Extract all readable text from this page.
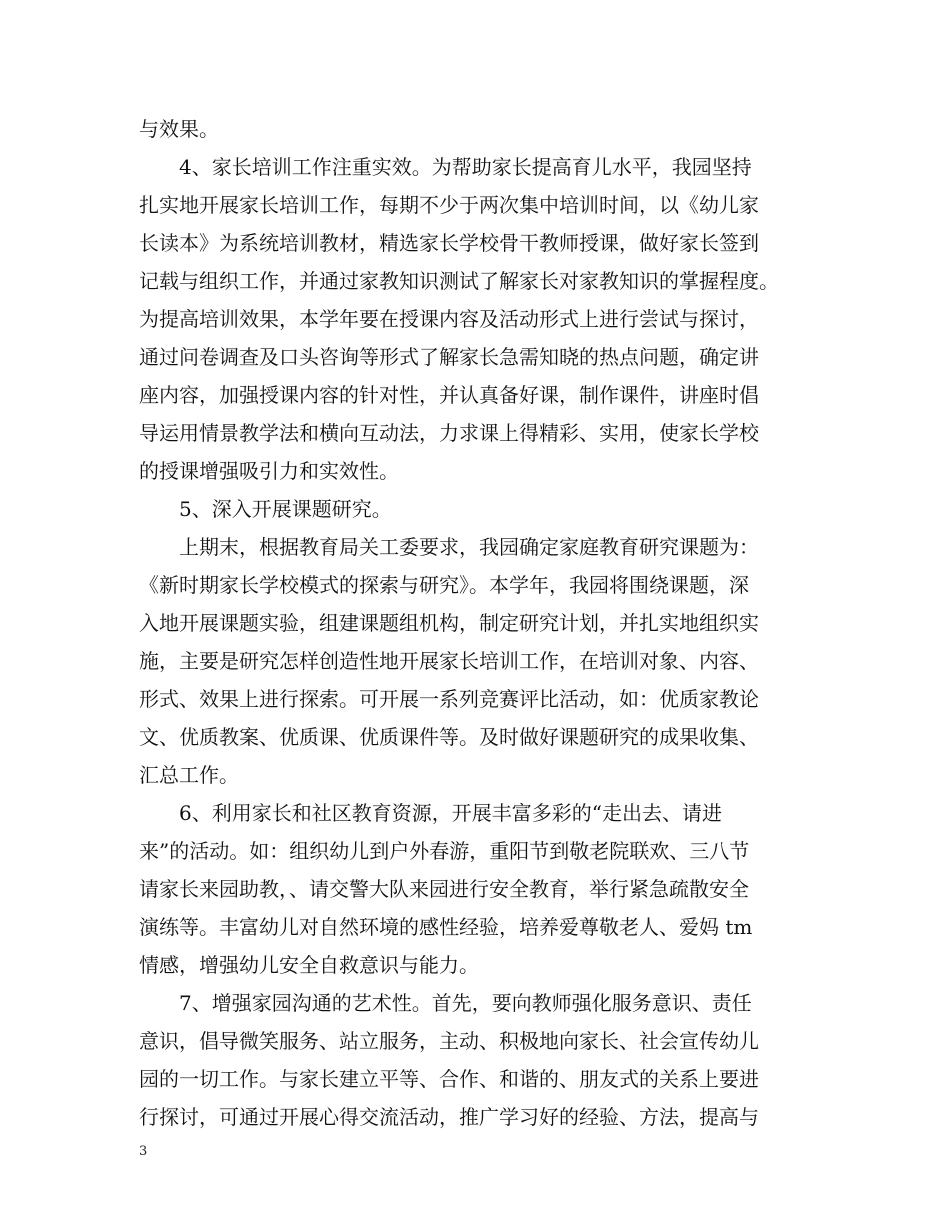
与效果。
4、家长培训工作注重实效。为帮助家长提高育儿水平，我园坚持
扎实地开展家长培训工作，每期不少于两次集中培训时间，以《幼儿家
长读本》为系统培训教材，精选家长学校骨干教师授课，做好家长签到
记载与组织工作，并通过家教知识测试了解家长对家教知识的掌握程度。
为提高培训效果，本学年要在授课内容及活动形式上进行尝试与探讨，
通过问卷调查及口头咨询等形式了解家长急需知晓的热点问题，确定讲
座内容，加强授课内容的针对性，并认真备好课，制作课件，讲座时倡
导运用情景教学法和横向互动法，力求课上得精彩、实用，使家长学校
的授课增强吸引力和实效性。
5、深入开展课题研究。
上期末，根据教育局关工委要求，我园确定家庭教育研究课题为：
《新时期家长学校模式的探索与研究》。本学年，我园将围绕课题，深
入地开展课题实验，组建课题组机构，制定研究计划，并扎实地组织实
施，主要是研究怎样创造性地开展家长培训工作，在培训对象、内容、
形式、效果上进行探索。可开展一系列竞赛评比活动，如：优质家教论
文、优质教案、优质课、优质课件等。及时做好课题研究的成果收集、
汇总工作。
6、利用家长和社区教育资源，开展丰富多彩的“走出去、请进
来”的活动。如：组织幼儿到户外春游，重阳节到敬老院联欢、三八节
请家长来园助教，、请交警大队来园进行安全教育，举行紧急疏散安全
演练等。丰富幼儿对自然环境的感性经验，培养爱尊敬老人、爱妈 tm
情感，增强幼儿安全自救意识与能力。
7、增强家园沟通的艺术性。首先，要向教师强化服务意识、责任
意识，倡导微笑服务、站立服务，主动、积极地向家长、社会宣传幼儿
园的一切工作。与家长建立平等、合作、和谐的、朋友式的关系上要进
行探讨，可通过开展心得交流活动，推广学习好的经验、方法，提高与
3
